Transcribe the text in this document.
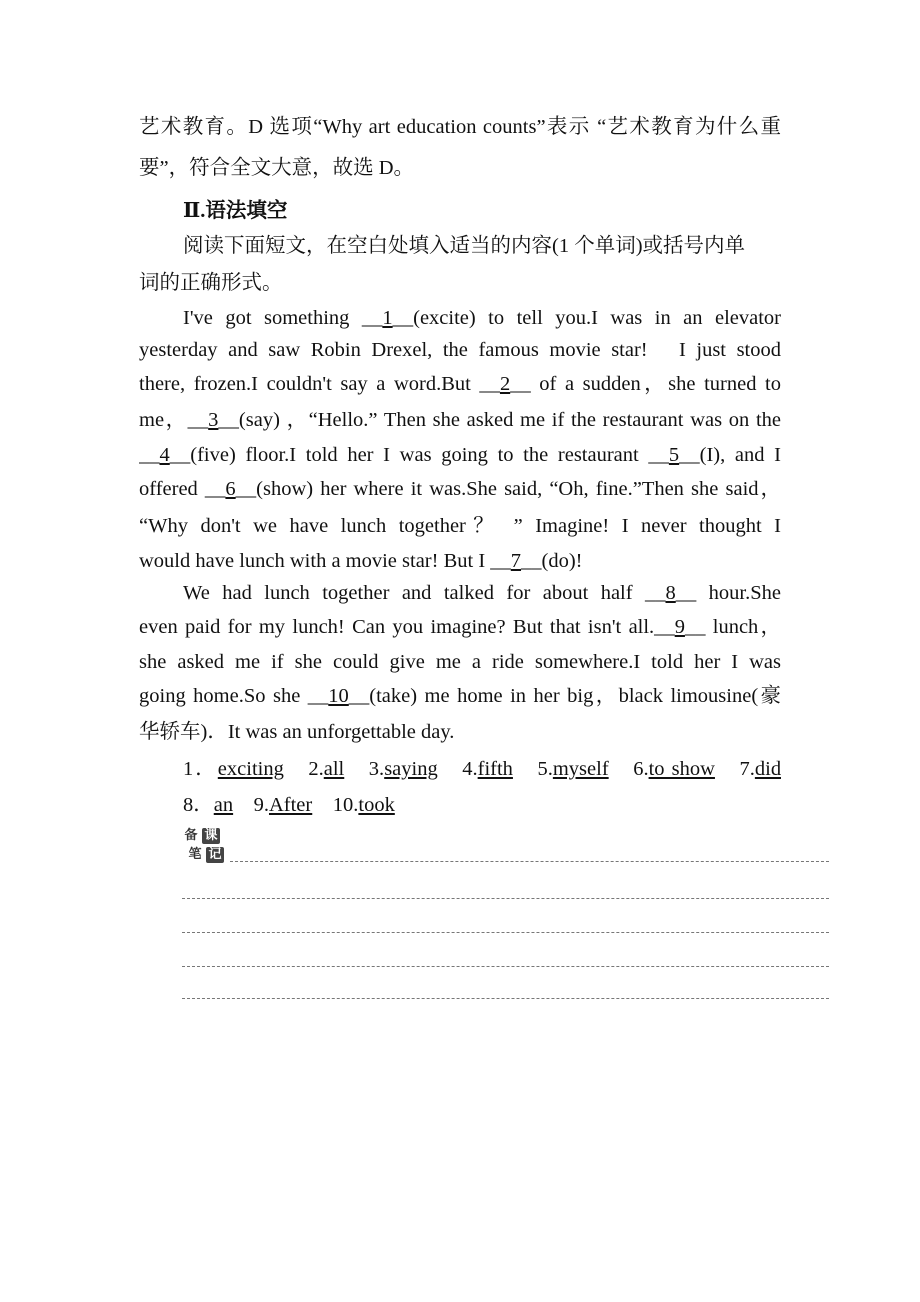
艺术教育。D 选项“Why art education counts”表示 “艺术教育为什么重
要”，符合全文大意，故选 D。
Ⅱ.语法填空
阅读下面短文，在空白处填入适当的内容(1 个单词)或括号内单
词的正确形式。
I've got something __1__(excite) to tell you.I was in an elevator
yesterday and saw Robin Drexel, the famous movie star!　I just stood
there, frozen.I couldn't say a word.But __2__ of a sudden，she turned to
me，__3__(say) ，“Hello.” Then she asked me if the restaurant was on the
__4__(five) floor.I told her I was going to the restaurant __5__(I), and I
offered __6__(show) her where it was.She said, “Oh, fine.”Then she said，
“Why don't we have lunch together？ ” Imagine! I never thought I
would have lunch with a movie star! But I __7__(do)!
We had lunch together and talked for about half __8__ hour.She
even paid for my lunch! Can you imagine? But that isn't all.__9__ lunch，
she asked me if she could give me a ride somewhere.I told her I was
going home.So she __10__(take) me home in her big，black limousine(豪
华轿车)．It was an unforgettable day.
1．exciting　2.all　3.saying　4.fifth　5.myself　6.to show　7.did
8．an　9.After　10.took
备 课
笔 记
